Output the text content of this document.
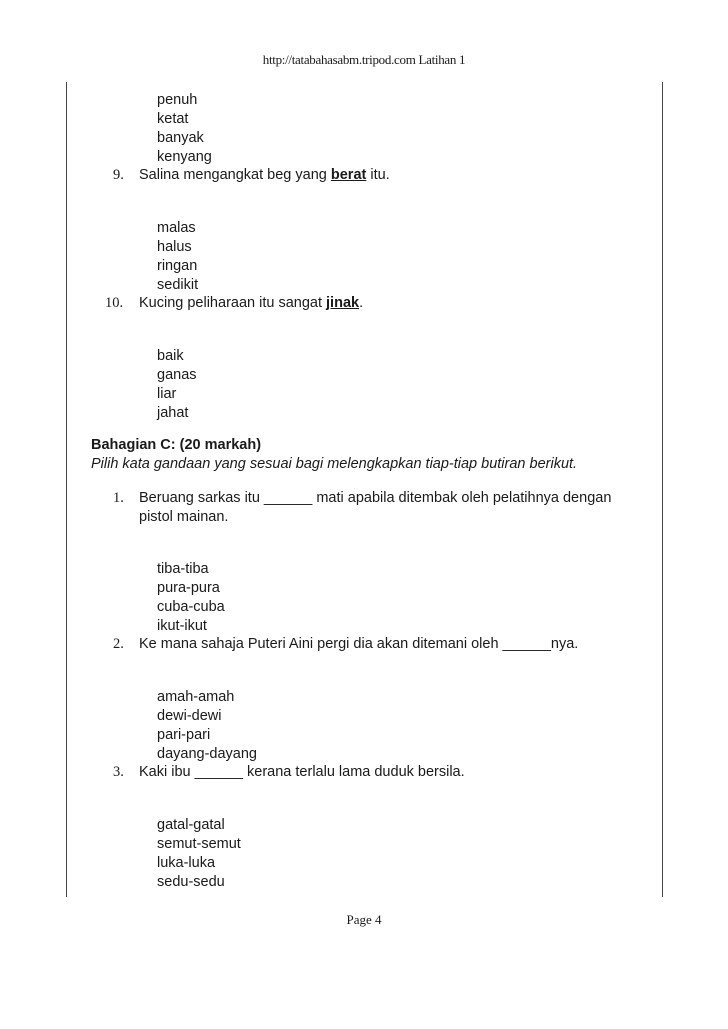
http://tatabahasabm.tripod.com Latihan 1
penuh
ketat
banyak
kenyang
9. Salina mengangkat beg yang berat itu.
malas
halus
ringan
sedikit
10. Kucing peliharaan itu sangat jinak.
baik
ganas
liar
jahat
Bahagian C: (20 markah)
Pilih kata gandaan yang sesuai bagi melengkapkan tiap-tiap butiran berikut.
1. Beruang sarkas itu ______ mati apabila ditembak oleh pelatihnya dengan
pistol mainan.
tiba-tiba
pura-pura
cuba-cuba
ikut-ikut
2. Ke mana sahaja Puteri Aini pergi dia akan ditemani oleh ______nya.
amah-amah
dewi-dewi
pari-pari
dayang-dayang
3. Kaki ibu ______ kerana terlalu lama duduk bersila.
gatal-gatal
semut-semut
luka-luka
sedu-sedu
Page 4
